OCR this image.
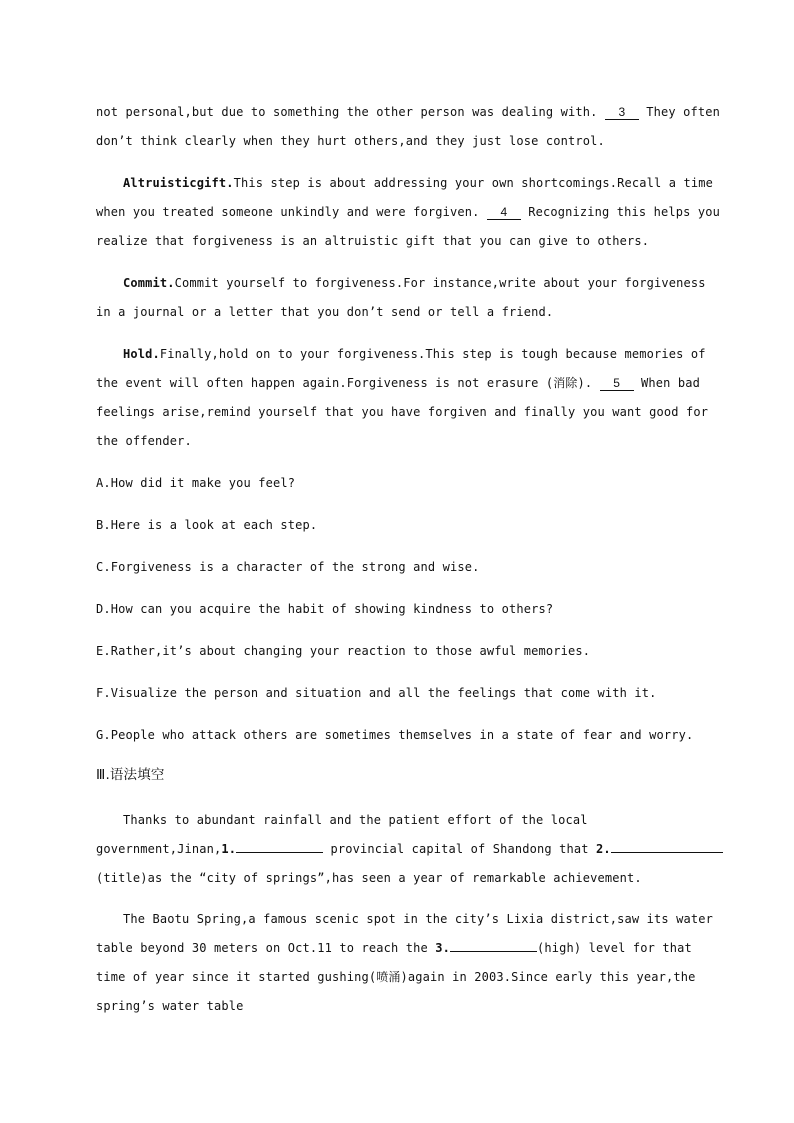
not personal,but due to something the other person was dealing with. 3 They often
don’t think clearly when they hurt others,and they just lose control.
Altruisticgift.This step is about addressing your own shortcomings.Recall a time
when you treated someone unkindly and were forgiven. 4 Recognizing this helps you
realize that forgiveness is an altruistic gift that you can give to others.
Commit.Commit yourself to forgiveness.For instance,write about your forgiveness
in a journal or a letter that you don’t send or tell a friend.
Hold.Finally,hold on to your forgiveness.This step is tough because memories of
the event will often happen again.Forgiveness is not erasure (消除). 5 When bad
feelings arise,remind yourself that you have forgiven and finally you want good for
the offender.
A.How did it make you feel?
B.Here is a look at each step.
C.Forgiveness is a character of the strong and wise.
D.How can you acquire the habit of showing kindness to others?
E.Rather,it’s about changing your reaction to those awful memories.
F.Visualize the person and situation and all the feelings that come with it.
G.People who attack others are sometimes themselves in a state of fear and worry.
Ⅲ.语法填空
Thanks to abundant rainfall and the patient effort of the local
government,Jinan,1.	provincial capital of Shandong that 2.
(title)as the “city of springs”,has seen a year of remarkable achievement.
The Baotu Spring,a famous scenic spot in the city’s Lixia district,saw its water
table beyond 30 meters on Oct.11 to reach the 3.	(high) level for that
time of year since it started gushing(喷涌)again in 2003.Since early this year,the
spring’s water table
